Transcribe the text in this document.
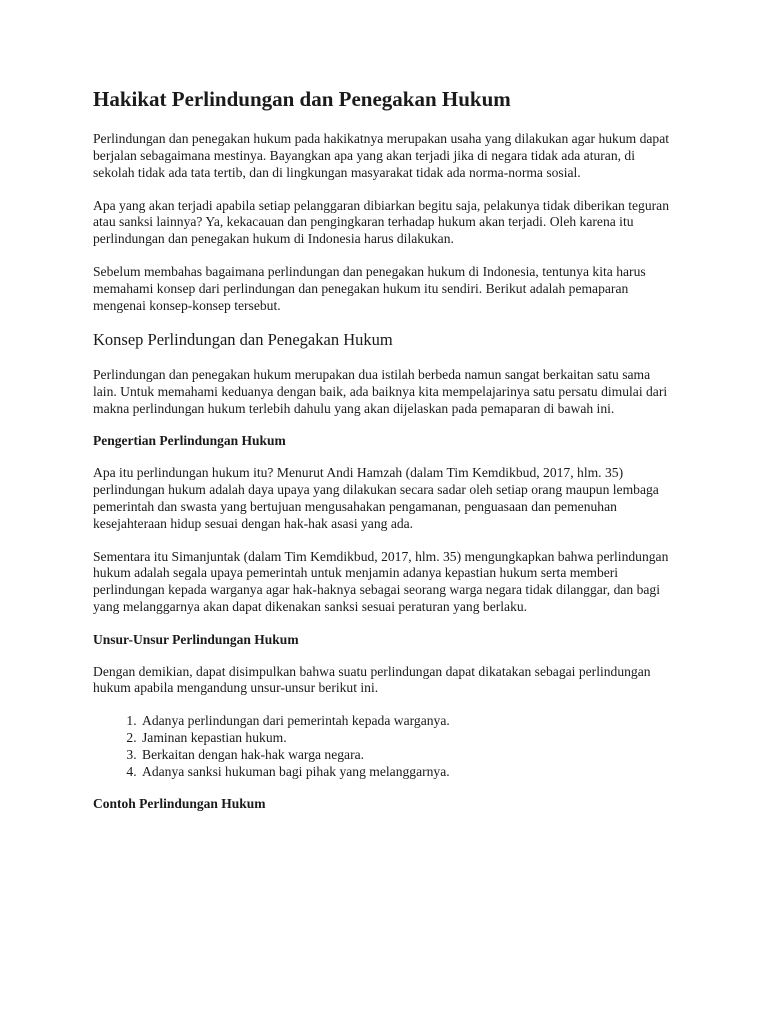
Hakikat Perlindungan dan Penegakan Hukum

Perlindungan dan penegakan hukum pada hakikatnya merupakan usaha yang dilakukan agar hukum dapat berjalan sebagaimana mestinya. Bayangkan apa yang akan terjadi jika di negara tidak ada aturan, di sekolah tidak ada tata tertib, dan di lingkungan masyarakat tidak ada norma-norma sosial.

Apa yang akan terjadi apabila setiap pelanggaran dibiarkan begitu saja, pelakunya tidak diberikan teguran atau sanksi lainnya? Ya, kekacauan dan pengingkaran terhadap hukum akan terjadi. Oleh karena itu perlindungan dan penegakan hukum di Indonesia harus dilakukan.

Sebelum membahas bagaimana perlindungan dan penegakan hukum di Indonesia, tentunya kita harus memahami konsep dari perlindungan dan penegakan hukum itu sendiri. Berikut adalah pemaparan mengenai konsep-konsep tersebut.

Konsep Perlindungan dan Penegakan Hukum

Perlindungan dan penegakan hukum merupakan dua istilah berbeda namun sangat berkaitan satu sama lain. Untuk memahami keduanya dengan baik, ada baiknya kita mempelajarinya satu persatu dimulai dari makna perlindungan hukum terlebih dahulu yang akan dijelaskan pada pemaparan di bawah ini.

Pengertian Perlindungan Hukum

Apa itu perlindungan hukum itu? Menurut Andi Hamzah (dalam Tim Kemdikbud, 2017, hlm. 35) perlindungan hukum adalah daya upaya yang dilakukan secara sadar oleh setiap orang maupun lembaga pemerintah dan swasta yang bertujuan mengusahakan pengamanan, penguasaan dan pemenuhan kesejahteraan hidup sesuai dengan hak-hak asasi yang ada.

Sementara itu Simanjuntak (dalam Tim Kemdikbud, 2017, hlm. 35) mengungkapkan bahwa perlindungan hukum adalah segala upaya pemerintah untuk menjamin adanya kepastian hukum serta memberi perlindungan kepada warganya agar hak-haknya sebagai seorang warga negara tidak dilanggar, dan bagi yang melanggarnya akan dapat dikenakan sanksi sesuai peraturan yang berlaku.

Unsur-Unsur Perlindungan Hukum

Dengan demikian, dapat disimpulkan bahwa suatu perlindungan dapat dikatakan sebagai perlindungan hukum apabila mengandung unsur-unsur berikut ini.

1. Adanya perlindungan dari pemerintah kepada warganya.
2. Jaminan kepastian hukum.
3. Berkaitan dengan hak-hak warga negara.
4. Adanya sanksi hukuman bagi pihak yang melanggarnya.
Contoh Perlindungan Hukum
